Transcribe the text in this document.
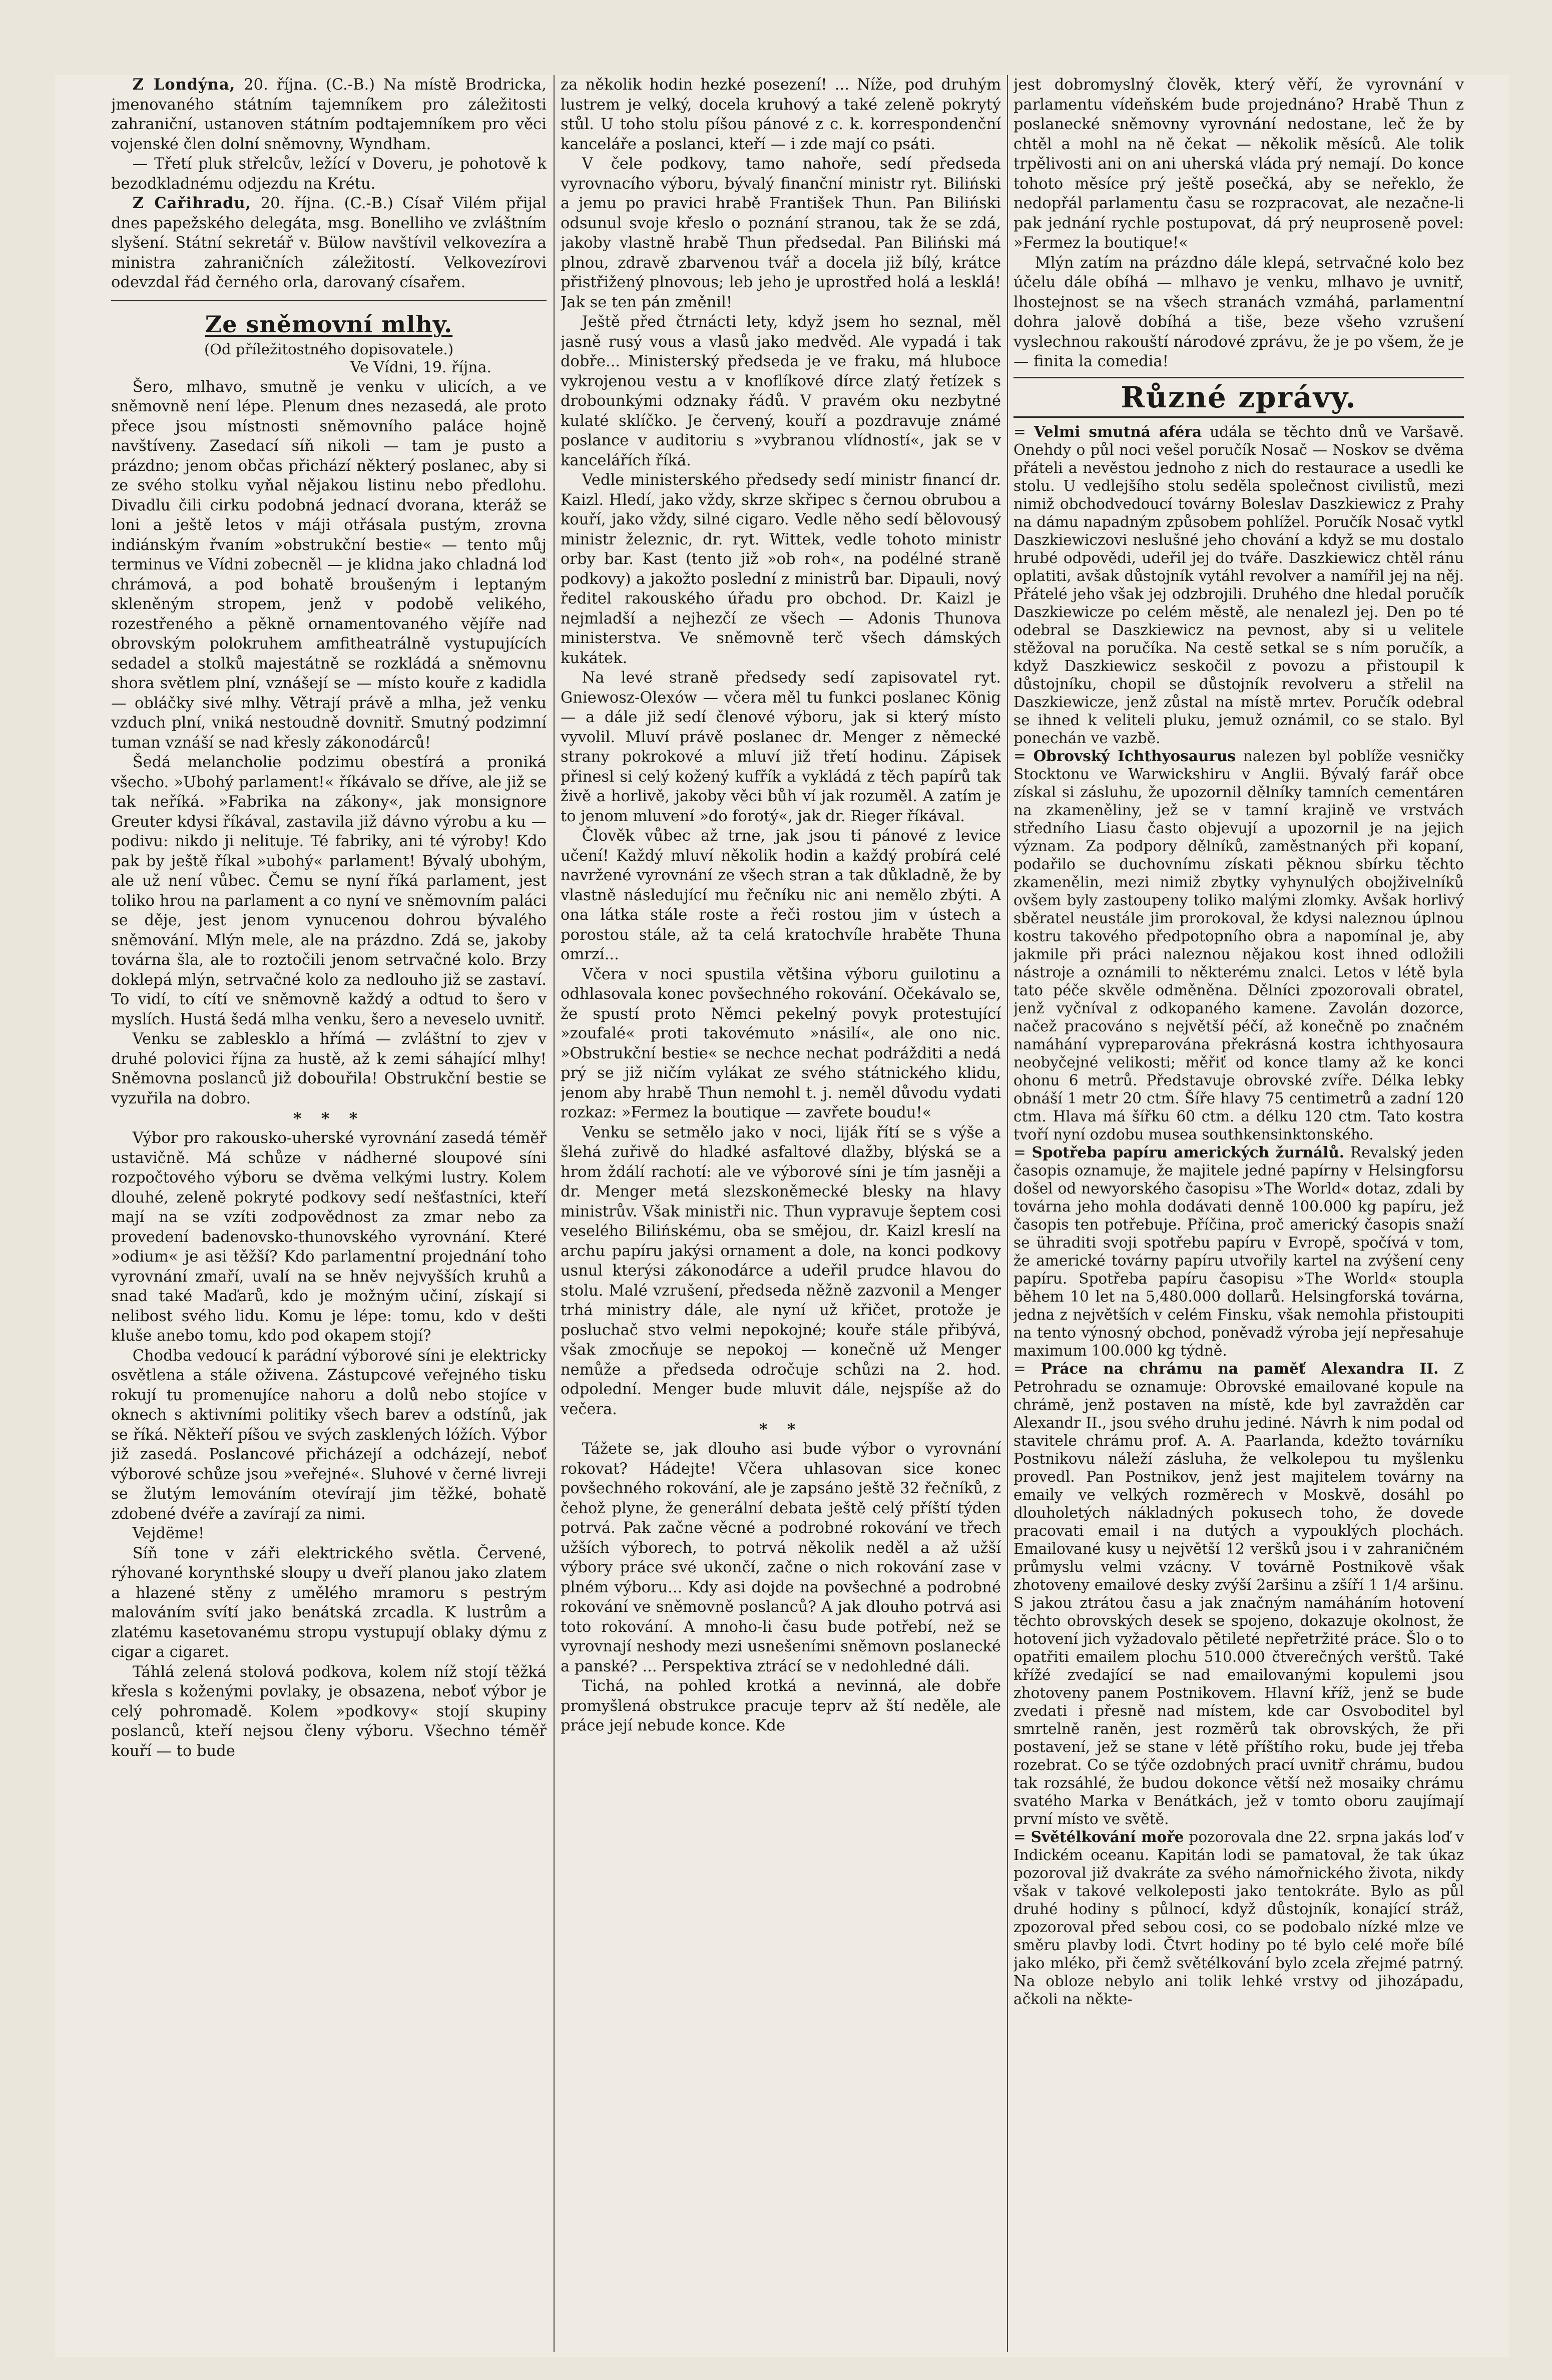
Z Londýna, 20. října. (C.-B.) Na místě Brodricka, jmenovaného státním tajemníkem pro záležitosti zahraniční, ustanoven státním podtajemníkem pro věci vojenské člen dolní sněmovny, Wyndham.

— Třetí pluk střelcův, ležící v Doveru, je pohotově k bezodkladnému odjezdu na Krétu.

Z Cařihradu, 20. října. (C.-B.) Císař Vilém přijal dnes papežského delegáta, msg. Bonelliho ve zvláštním slyšení. Státní sekretář v. Bülow navštívil velkovezíra a ministra zahraničních záležitostí. Velkovezírovi odevzdal řád černého orla, darovaný císařem.

Ze sněmovní mlhy.
(Od příležitostného dopisovatele.)
Ve Vídni, 19. října.

Šero, mlhavo, smutně je venku v ulicích, a ve sněmovně není lépe. Plenum dnes nezasedá, ale proto přece jsou místnosti sněmovního paláce hojně navštíveny. Zasedací síň nikoli — tam je pusto a prázdno; jenom občas přichází některý poslanec, aby si ze svého stolku vyňal nějakou listinu nebo předlohu. Divadlu čili cirku podobná jednací dvorana, kteráž se loni a ještě letos v máji otřásala pustým, zrovna indiánským řvaním »obstrukční bestie« — tento můj terminus ve Vídni zobecněl — je klidna jako chladná loď chrámová, a pod bohatě broušeným i leptaným skleněným stropem, jenž v podobě velikého, rozestřeného a pěkně ornamentovaného vějíře nad obrovským polokruhem amfitheatrálně vystupujících sedadel a stolků majestátně se rozkládá a sněmovnu shora světlem plní, vznášejí se — místo kouře z kadidla — obláčky sivé mlhy. Větrají právě a mlha, jež venku vzduch plní, vniká nestoudně dovnitř. Smutný podzimní tuman vznáší se nad křesly zákonodárců!

Šedá melancholie podzimu obestírá a proniká všecho. »Ubohý parlament!« říkávalo se dříve, ale již se tak neříká. »Fabrika na zákony«, jak monsignore Greuter kdysi říkával, zastavila již dávno výrobu a ku — podivu: nikdo ji nelituje. Té fabriky, ani té výroby! Kdo pak by ještě říkal »ubohý« parlament! Bývalý ubohým, ale už není vůbec. Čemu se nyní říká parlament, jest toliko hrou na parlament a co nyní ve sněmovním paláci se děje, jest jenom vynucenou dohrou bývalého sněmování. Mlýn mele, ale na prázdno. Zdá se, jakoby továrna šla, ale to roztočili jenom setrvačné kolo. Brzy doklepá mlýn, setrvačné kolo za nedlouho již se zastaví. To vidí, to cítí ve sněmovně každý a odtud to šero v myslích. Hustá šedá mlha venku, šero a neveselo uvnitř.

Venku se zablesklo a hřímá — zvláštní to zjev v druhé polovici října za hustě, až k zemi sáhající mlhy! Sněmovna poslanců již dobouřila! Obstrukční bestie se vyzuřila na dobro.

* * *

Výbor pro rakousko-uherské vyrovnání zasedá téměř ustavičně. Má schůze v nádherné sloupové síni rozpočtového výboru se dvěma velkými lustry. Kolem dlouhé, zeleně pokryté podkovy sedí nešťastníci, kteří mají na se vzíti zodpovědnost za zmar nebo za provedení badenovsko-thunovského vyrovnání. Které »odium« je asi těžší? Kdo parlamentní projednání toho vyrovnání zmaří, uvalí na se hněv nejvyšších kruhů a snad také Maďarů, kdo je možným učiní, získají si nelibost svého lidu. Komu je lépe: tomu, kdo v dešti kluše anebo tomu, kdo pod okapem stojí?

Chodba vedoucí k parádní výborové síni je elektricky osvětlena a stále oživena. Zástupcové veřejného tisku rokují tu promenujíce nahoru a dolů nebo stojíce v oknech s aktivními politiky všech barev a odstínů, jak se říká. Někteří píšou ve svých zasklených lóžích. Výbor již zasedá. Poslancové přicházejí a odcházejí, neboť výborové schůze jsou »veřejné«. Sluhové v černé livreji se žlutým lemováním otevírají jim těžké, bohatě zdobené dvéře a zavírají za nimi.

Vejdëme!

Síň tone v záři elektrického světla. Červené, rýhované korynthské sloupy u dveří planou jako zlatem a hlazené stěny z umělého mramoru s pestrým malováním svítí jako benátská zrcadla. K lustrům a zlatému kasetovanému stropu vystupují oblaky dýmu z cigar a cigaret.

Táhlá zelená stolová podkova, kolem níž stojí těžká křesla s koženými povlaky, je obsazena, neboť výbor je celý pohromadě. Kolem »podkovy« stojí skupiny poslanců, kteří nejsou členy výboru. Všechno téměř kouří — to bude

za několik hodin hezké posezení! ... Níže, pod druhým lustrem je velký, docela kruhový a také zeleně pokrytý stůl. U toho stolu píšou pánové z c. k. korrespondenční kanceláře a poslanci, kteří — i zde mají co psáti.

V čele podkovy, tamo nahoře, sedí předseda vyrovnacího výboru, bývalý finanční ministr ryt. Biliński a jemu po pravici hrabě František Thun. Pan Biliński odsunul svoje křeslo o poznání stranou, tak že se zdá, jakoby vlastně hrabě Thun předsedal. Pan Biliński má plnou, zdravě zbarvenou tvář a docela již bílý, krátce přistřižený plnovous; leb jeho je uprostřed holá a lesklá! Jak se ten pán změnil!

Ještě před čtrnácti lety, když jsem ho seznal, měl jasně rusý vous a vlasů jako medvěd. Ale vypadá i tak dobře... Ministerský předseda je ve fraku, má hluboce vykrojenou vestu a v knoflíkové dírce zlatý řetízek s drobounkými odznaky řádů. V pravém oku nezbytné kulaté sklíčko. Je červený, kouří a pozdravuje známé poslance v auditoriu s »vybranou vlídností«, jak se v kancelářích říká.

Vedle ministerského předsedy sedí ministr financí dr. Kaizl. Hledí, jako vždy, skrze skřipec s černou obrubou a kouří, jako vždy, silné cigaro. Vedle něho sedí bělovousý ministr železnic, dr. ryt. Wittek, vedle tohoto ministr orby bar. Kast (tento již »ob roh«, na podélné straně podkovy) a jakožto poslední z ministrů bar. Dipauli, nový ředitel rakouského úřadu pro obchod. Dr. Kaizl je nejmladší a nejhezčí ze všech — Adonis Thunova ministerstva. Ve sněmovně terč všech dámských kukátek.

Na levé straně předsedy sedí zapisovatel ryt. Gniewosz-Olexów — včera měl tu funkci poslanec König — a dále již sedí členové výboru, jak si který místo vyvolil. Mluví právě poslanec dr. Menger z německé strany pokrokové a mluví již třetí hodinu. Zápisek přinesl si celý kožený kufřík a vykládá z těch papírů tak živě a horlivě, jakoby věci bůh ví jak rozuměl. A zatím je to jenom mluvení »do forotý«, jak dr. Rieger říkával.

Člověk vůbec až trne, jak jsou ti pánové z levice učení! Každý mluví několik hodin a každý probírá celé navržené vyrovnání ze všech stran a tak důkladně, že by vlastně následující mu řečníku nic ani nemělo zbýti. A ona látka stále roste a řeči rostou jim v ústech a porostou stále, až ta celá kratochvíle hraběte Thuna omrzí...

Včera v noci spustila většina výboru guilotinu a odhlasovala konec povšechného rokování. Očekávalo se, že spustí proto Němci pekelný povyk protestující »zoufalé« proti takovémuto »násilí«, ale ono nic. »Obstrukční bestie« se nechce nechat podrážditi a nedá prý se již ničím vylákat ze svého státnického klidu, jenom aby hrabě Thun nemohl t. j. neměl důvodu vydati rozkaz: »Fermez la boutique — zavřete boudu!«

Venku se setmělo jako v noci, liják řítí se s výše a šlehá zuřivě do hladké asfaltové dlažby, blýská se a hrom ždálí rachotí: ale ve výborové síni je tím jasněji a dr. Menger metá slezskoněmecké blesky na hlavy ministrův. Však ministři nic. Thun vypravuje šeptem cosi veselého Bilińskému, oba se smějou, dr. Kaizl kreslí na archu papíru jakýsi ornament a dole, na konci podkovy usnul kterýsi zákonodárce a udeřil prudce hlavou do stolu. Malé vzrušení, předseda něžně zazvonil a Menger trhá ministry dále, ale nyní už křičet, protože je posluchač stvo velmi nepokojné; kouře stále přibývá, však zmocňuje se nepokoj — konečně už Menger nemůže a předseda odročuje schůzi na 2. hod. odpolední. Menger bude mluvit dále, nejspíše až do večera.

* *

Tážete se, jak dlouho asi bude výbor o vyrovnání rokovat? Hádejte! Včera uhlasovan sice konec povšechného rokování, ale je zapsáno ještě 32 řečníků, z čehož plyne, že generální debata ještě celý příští týden potrvá. Pak začne věcné a podrobné rokování ve třech užších výborech, to potrvá několik neděl a až užší výbory práce své ukončí, začne o nich rokování zase v plném výboru... Kdy asi dojde na povšechné a podrobné rokování ve sněmovně poslanců? A jak dlouho potrvá asi toto rokování. A mnoho-li času bude potřebí, než se vyrovnají neshody mezi usnešeními sněmovn poslanecké a panské? ... Perspektiva ztrácí se v nedohledné dáli.

Tichá, na pohled krotká a nevinná, ale dobře promyšlená obstrukce pracuje teprv až ští neděle, ale práce její nebude konce. Kde

jest dobromyslný člověk, který věří, že vyrovnání v parlamentu vídeňském bude projednáno? Hrabě Thun z poslanecké sněmovny vyrovnání nedostane, leč že by chtěl a mohl na ně čekat — několik měsíců. Ale tolik trpělivosti ani on ani uherská vláda prý nemají. Do konce tohoto měsíce prý ještě posečká, aby se neřeklo, že nedopřál parlamentu času se rozpracovat, ale nezačne-li pak jednání rychle postupovat, dá prý neuproseně povel: »Fermez la boutique!«

Mlýn zatím na prázdno dále klepá, setrvačné kolo bez účelu dále obíhá — mlhavo je venku, mlhavo je uvnitř, lhostejnost se na všech stranách vzmáhá, parlamentní dohra jalově dobíhá a tiše, beze všeho vzrušení vyslechnou rakouští národové zprávu, že je po všem, že je — finita la comedia!

Různé zprávy.

= Velmi smutná aféra udála se těchto dnů ve Varšavě. Onehdy o půl noci vešel poručík Nosač — Noskov se dvěma přáteli a nevěstou jednoho z nich do restaurace a usedli ke stolu. U vedlejšího stolu seděla společnost civilistů, mezi nimiž obchodvedoucí továrny Boleslav Daszkiewicz z Prahy na dámu napadným způsobem pohlížel. Poručík Nosač vytkl Daszkiewiczovi neslušné jeho chování a když se mu dostalo hrubé odpovědi, udeřil jej do tváře. Daszkiewicz chtěl ránu oplatiti, avšak důstojník vytáhl revolver a namířil jej na něj. Přátelé jeho však jej odzbrojili. Druhého dne hledal poručík Daszkiewicze po celém městě, ale nenalezl jej. Den po té odebral se Daszkiewicz na pevnost, aby si u velitele stěžoval na poručíka. Na cestě setkal se s ním poručík, a když Daszkiewicz seskočil z povozu a přistoupil k důstojníku, chopil se důstojník revolveru a střelil na Daszkiewicze, jenž zůstal na místě mrtev. Poručík odebral se ihned k veliteli pluku, jemuž oznámil, co se stalo. Byl ponechán ve vazbě.

= Obrovský Ichthyosaurus nalezen byl poblíže vesničky Stocktonu ve Warwickshiru v Anglii. Bývalý farář obce získal si zásluhu, že upozornil dělníky tamních cementáren na zkameněliny, jež se v tamní krajině ve vrstvách středního Liasu často objevují a upozornil je na jejich význam. Za podpory dělníků, zaměstnaných při kopaní, podařilo se duchovnímu získati pěknou sbírku těchto zkamenělin, mezi nimiž zbytky vyhynulých obojživelníků ovšem byly zastoupeny toliko malými zlomky. Avšak horlivý sběratel neustále jim prorokoval, že kdysi naleznou úplnou kostru takového předpotopního obra a napomínal je, aby jakmile při práci naleznou nějakou kost ihned odložili nástroje a oznámili to některému znalci. Letos v létě byla tato péče skvěle odměněna. Dělníci zpozorovali obratel, jenž vyčníval z odkopaného kamene. Zavolán dozorce, načež pracováno s největší péčí, až konečně po značném namáhání vypreparována překrásná kostra ichthyosaura neobyčejné velikosti; měřiť od konce tlamy až ke konci ohonu 6 metrů. Představuje obrovské zvíře. Délka lebky obnáší 1 metr 20 ctm. Šíře hlavy 75 centimetrů a zadní 120 ctm. Hlava má šířku 60 ctm. a délku 120 ctm. Tato kostra tvoří nyní ozdobu musea southkensinktonského.

= Spotřeba papíru amerických žurnálů. Revalský jeden časopis oznamuje, že majitele jedné papírny v Helsingforsu došel od newyorského časopisu »The World« dotaz, zdali by továrna jeho mohla dodávati denně 100.000 kg papíru, jež časopis ten potřebuje. Příčina, proč americký časopis snaží se ühraditi svoji spotřebu papíru v Evropě, spočívá v tom, že americké továrny papíru utvořily kartel na zvýšení ceny papíru. Spotřeba papíru časopisu »The World« stoupla během 10 let na 5,480.000 dollarů. Helsingforská továrna, jedna z největších v celém Finsku, však nemohla přistoupiti na tento výnosný obchod, poněvadž výroba její nepřesahuje maximum 100.000 kg týdně.

= Práce na chrámu na paměť Alexandra II. Z Petrohradu se oznamuje: Obrovské emailované kopule na chrámě, jenž postaven na místě, kde byl zavražděn car Alexandr II., jsou svého druhu jediné. Návrh k nim podal od stavitele chrámu prof. A. A. Paarlanda, kdežto továrníku Postnikovu náleží zásluha, že velkolepou tu myšlenku provedl. Pan Postnikov, jenž jest majitelem továrny na emaily ve velkých rozměrech v Moskvě, dosáhl po dlouholetých nákladných pokusech toho, že dovede pracovati email i na dutých a vypouklých plochách. Emailované kusy u největší 12 veršků jsou i v zahraničném průmyslu velmi vzácny. V továrně Postnikově však zhotoveny emailové desky zvýší 2aršinu a zšíří 1 1/4 aršinu. S jakou ztrátou času a jak značným namáháním hotovení těchto obrovských desek se spojeno, dokazuje okolnost, že hotovení jich vyžadovalo pětileté nepřetržité práce. Šlo o to opatřiti emailem plochu 510.000 čtverečných verštů. Také křížé zvedající se nad emailovanými kopulemi jsou zhotoveny panem Postnikovem. Hlavní kříž, jenž se bude zvedati i přesně nad místem, kde car Osvoboditel byl smrtelně raněn, jest rozměrů tak obrovských, že při postavení, jež se stane v létě příštího roku, bude jej třeba rozebrat. Co se týče ozdobných prací uvnitř chrámu, budou tak rozsáhlé, že budou dokonce větší než mosaiky chrámu svatého Marka v Benátkách, jež v tomto oboru zaujímají první místo ve světě.

= Světélkování moře pozorovala dne 22. srpna jakás loď v Indickém oceanu. Kapitán lodi se pamatoval, že tak úkaz pozoroval již dvakráte za svého námořnického života, nikdy však v takové velkoleposti jako tentokráte. Bylo as půl druhé hodiny s půlnocí, když důstojník, konající stráž, zpozoroval před sebou cosi, co se podobalo nízké mlze ve směru plavby lodi. Čtvrt hodiny po té bylo celé moře bílé jako mléko, při čemž světélkování bylo zcela zřejmé patrný. Na obloze nebylo ani tolik lehké vrstvy od jihozápadu, ačkoli na někte-
